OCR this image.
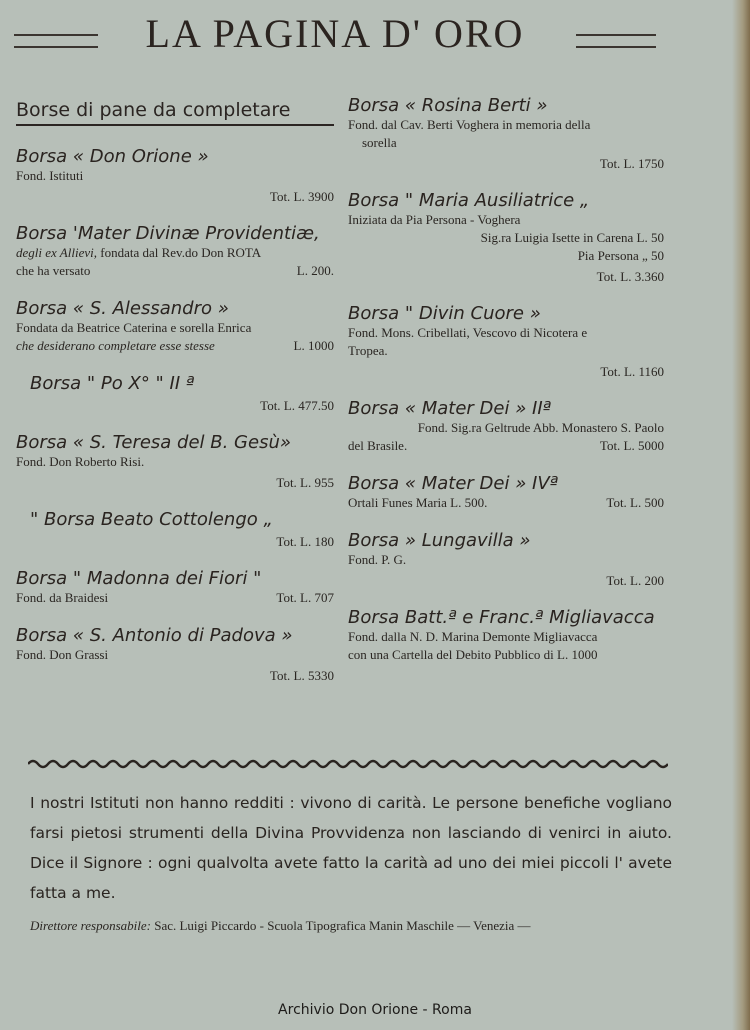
LA PAGINA D' ORO
Borse di pane da completare
Borsa « Don Orione »
Fond. Istituti
Tot. L. 3900
Borsa 'Mater Divinæ Providentiæ,
degli ex Allievi, fondata dal Rev.do Don ROTA
che ha versato	L. 200.
Borsa « S. Alessandro »
Fondata da Beatrice Caterina e sorella Enrica
che desiderano completare esse stesse	L. 1000
Borsa " Po X° " II ª
Tot. L. 477.50
Borsa « S. Teresa del B. Gesù»
Fond. Don Roberto Risi.
Tot. L. 955
" Borsa Beato Cottolengo „
Tot. L. 180
Borsa " Madonna dei Fiori "
Fond. da Braidesi	Tot. L. 707
Borsa « S. Antonio di Padova »
Fond. Don Grassi
Tot. L. 5330
Borsa « Rosina Berti »
Fond. dal Cav. Berti Voghera in memoria della
sorella
Tot. L. 1750
Borsa " Maria Ausiliatrice „
Iniziata da Pia Persona - Voghera
Sig.ra Luigia Isette in Carena L. 50
Pia Persona „ 50
Tot. L. 3.360
Borsa " Divin Cuore »
Fond. Mons. Cribellati, Vescovo di Nicotera e
Tropea.
Tot. L. 1160
Borsa « Mater Dei » IIª
Fond. Sig.ra Geltrude Abb. Monastero S. Paolo
del Brasile.	Tot. L. 5000
Borsa « Mater Dei » IVª
Ortali Funes Maria L. 500.	Tot. L. 500
Borsa » Lungavilla »
Fond. P. G.
Tot. L. 200
Borsa Batt.ª e Franc.ª Migliavacca
Fond. dalla N. D. Marina Demonte Migliavacca
con una Cartella del Debito Pubblico di L. 1000
I nostri Istituti non hanno redditi : vivono di carità. Le persone benefiche vogliano farsi pietosi strumenti della Divina Provvidenza non lasciando di venirci in aiuto. Dice il Signore : ogni qualvolta avete fatto la carità ad uno dei miei piccoli l' avete fatta a me.
Direttore responsabile: Sac. Luigi Piccardo - Scuola Tipografica Manin Maschile — Venezia —
Archivio Don Orione - Roma
